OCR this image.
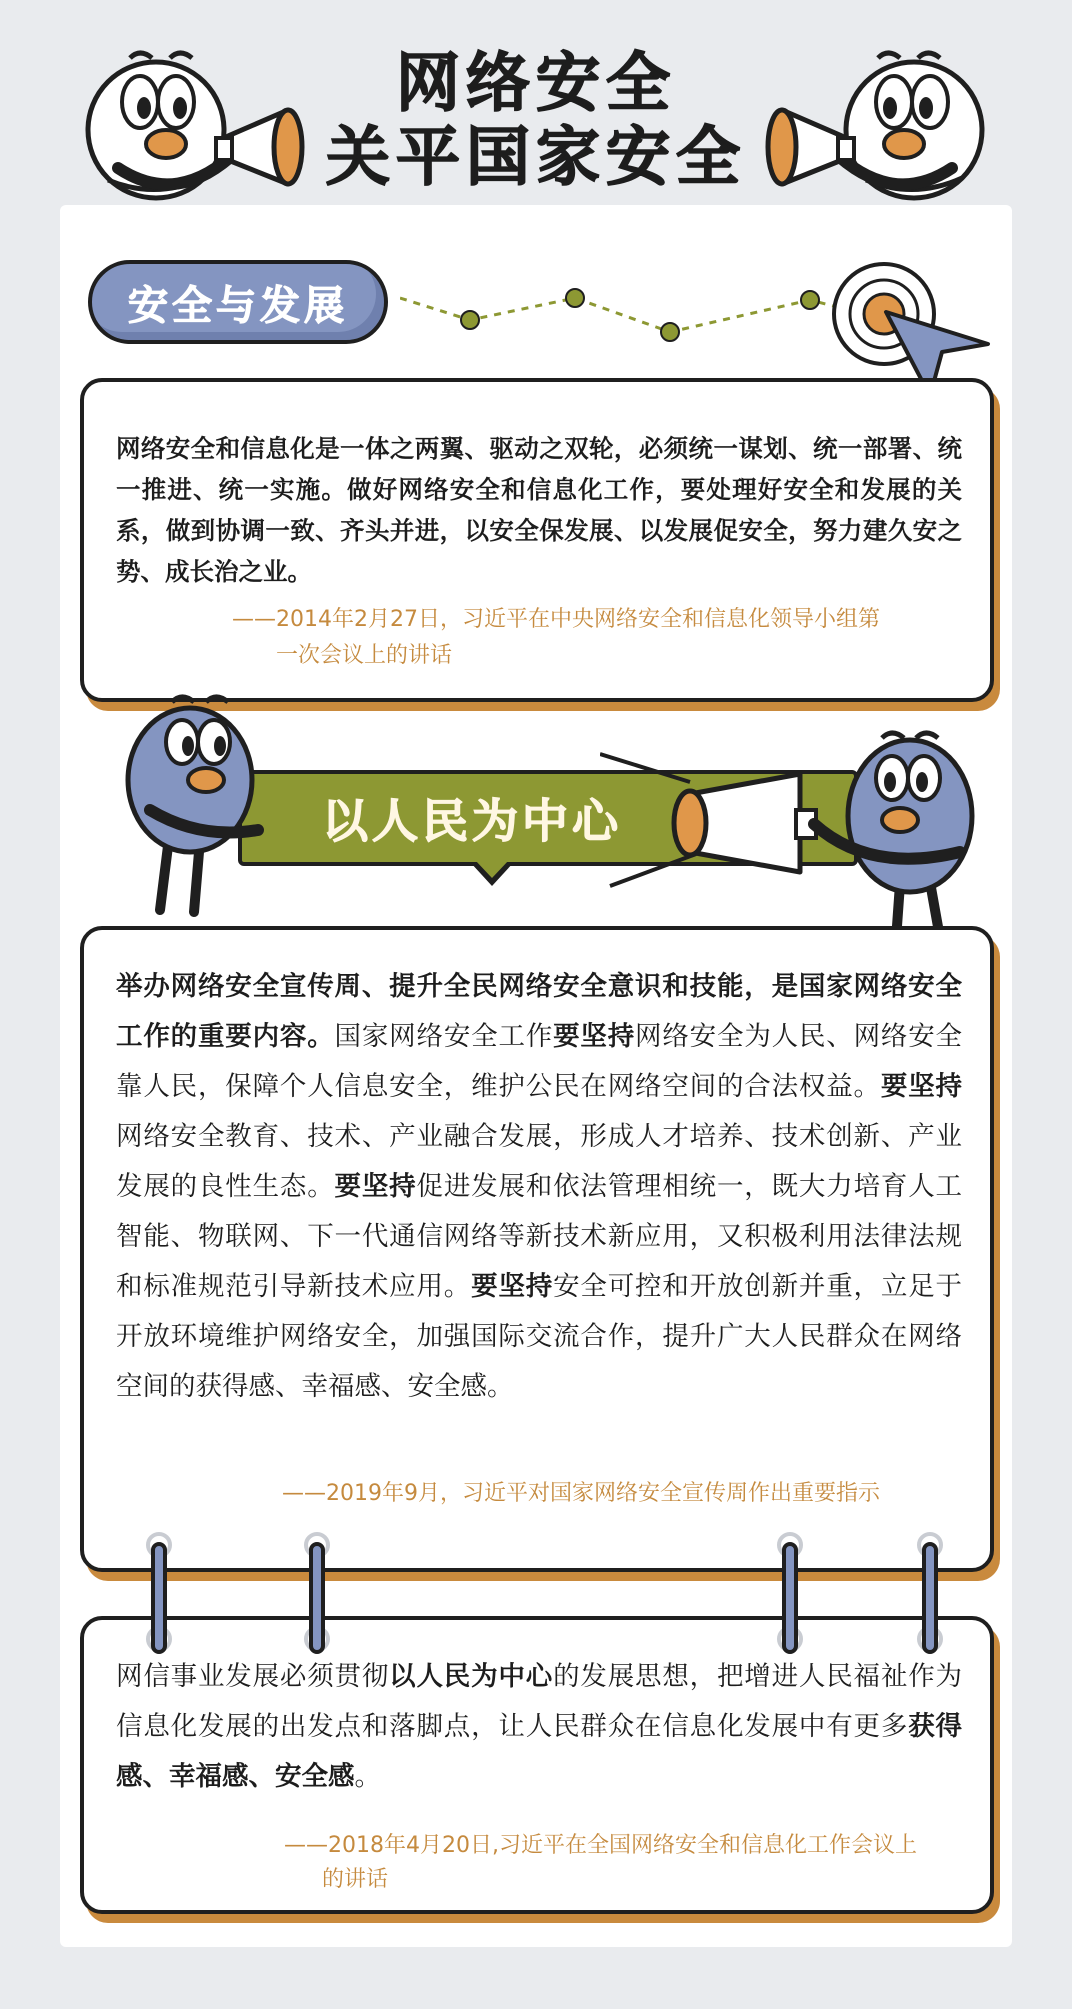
网络安全
关平国家安全
安全与发展
网络安全和信息化是一体之两翼、驱动之双轮，必须统一谋划、统一部署、统一推进、统一实施。做好网络安全和信息化工作，要处理好安全和发展的关系，做到协调一致、齐头并进，以安全保发展、以发展促安全，努力建久安之势、成长治之业。
——2014年2月27日，习近平在中央网络安全和信息化领导小组第
一次会议上的讲话
以人民为中心
举办网络安全宣传周、提升全民网络安全意识和技能，是国家网络安全工作的重要内容。国家网络安全工作要坚持网络安全为人民、网络安全靠人民，保障个人信息安全，维护公民在网络空间的合法权益。要坚持网络安全教育、技术、产业融合发展，形成人才培养、技术创新、产业发展的良性生态。要坚持促进发展和依法管理相统一，既大力培育人工智能、物联网、下一代通信网络等新技术新应用，又积极利用法律法规和标准规范引导新技术应用。要坚持安全可控和开放创新并重，立足于开放环境维护网络安全，加强国际交流合作，提升广大人民群众在网络空间的获得感、幸福感、安全感。
——2019年9月，习近平对国家网络安全宣传周作出重要指示
网信事业发展必须贯彻以人民为中心的发展思想，把增进人民福祉作为信息化发展的出发点和落脚点，让人民群众在信息化发展中有更多获得感、幸福感、安全感。
——2018年4月20日,习近平在全国网络安全和信息化工作会议上
的讲话
